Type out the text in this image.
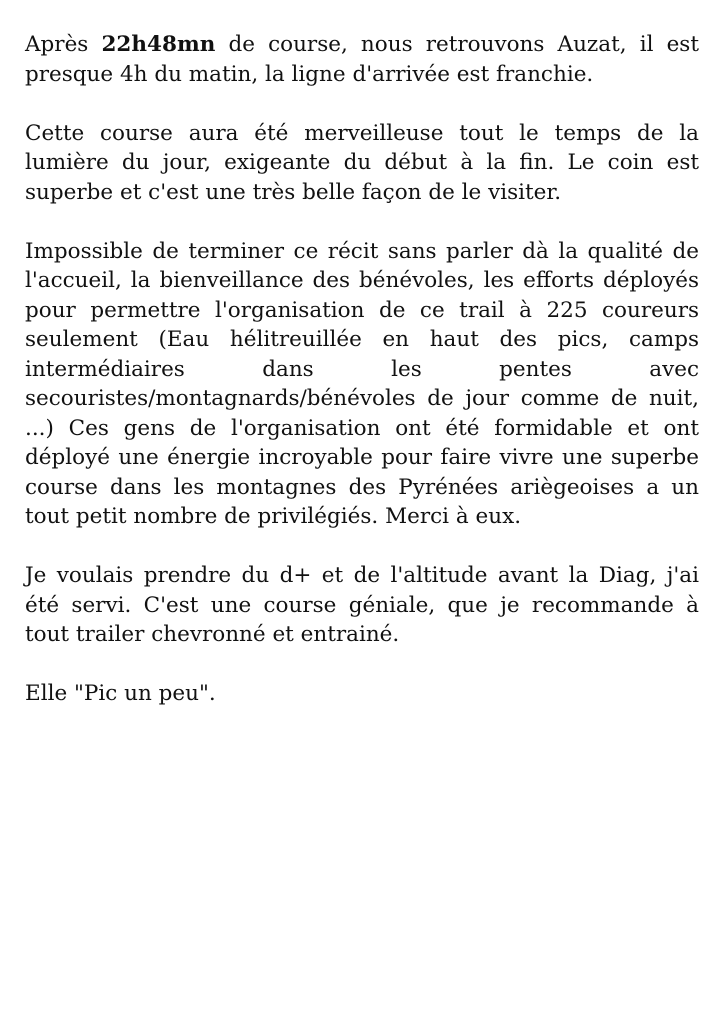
Après 22h48mn de course, nous retrouvons Auzat, il est presque 4h du matin, la ligne d'arrivée est franchie.

Cette course aura été merveilleuse tout le temps de la lumière du jour, exigeante du début à la fin. Le coin est superbe et c'est une très belle façon de le visiter.

Impossible de terminer ce récit sans parler dà la qualité de l'accueil, la bienveillance des bénévoles, les efforts déployés pour permettre l'organisation de ce trail à 225 coureurs seulement (Eau hélitreuillée en haut des pics, camps intermédiaires dans les pentes avec secouristes/montagnards/bénévoles de jour comme de nuit, ...) Ces gens de l'organisation ont été formidable et ont déployé une énergie incroyable pour faire vivre une superbe course dans les montagnes des Pyrénées ariègeoises a un tout petit nombre de privilégiés. Merci à eux.

Je voulais prendre du d+ et de l'altitude avant la Diag, j'ai été servi. C'est une course géniale, que je recommande à tout trailer chevronné et entrainé.

Elle "Pic un peu".
